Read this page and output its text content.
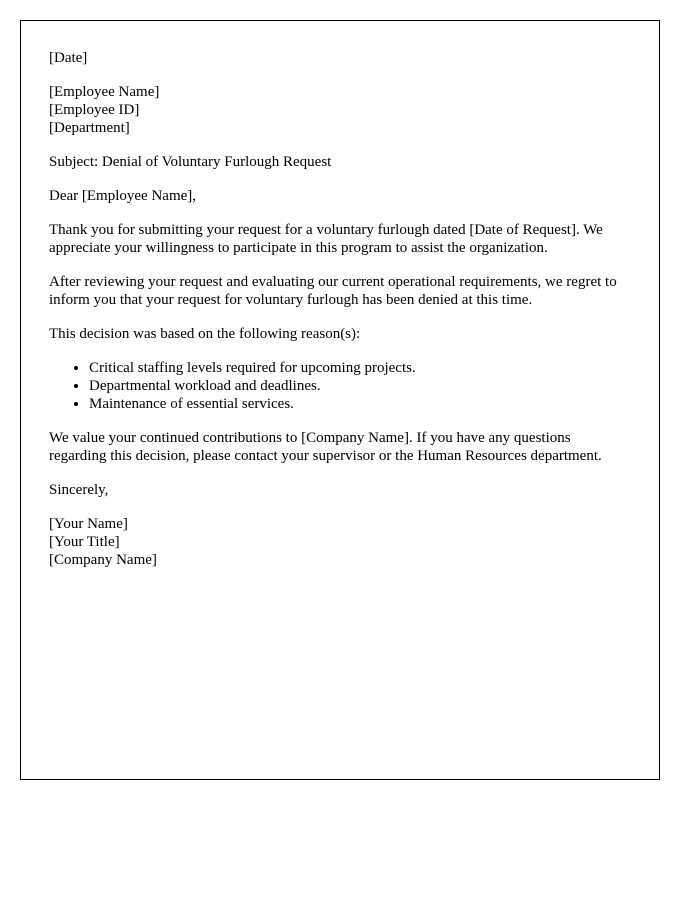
[Date]
[Employee Name]
[Employee ID]
[Department]

Subject: Denial of Voluntary Furlough Request

Dear [Employee Name],

Thank you for submitting your request for a voluntary furlough dated [Date of Request]. We appreciate your willingness to participate in this program to assist the organization.

After reviewing your request and evaluating our current operational requirements, we regret to inform you that your request for voluntary furlough has been denied at this time.

This decision was based on the following reason(s):

• Critical staffing levels required for upcoming projects.
• Departmental workload and deadlines.
• Maintenance of essential services.

We value your continued contributions to [Company Name]. If you have any questions regarding this decision, please contact your supervisor or the Human Resources department.

Sincerely,

[Your Name]
[Your Title]
[Company Name]
